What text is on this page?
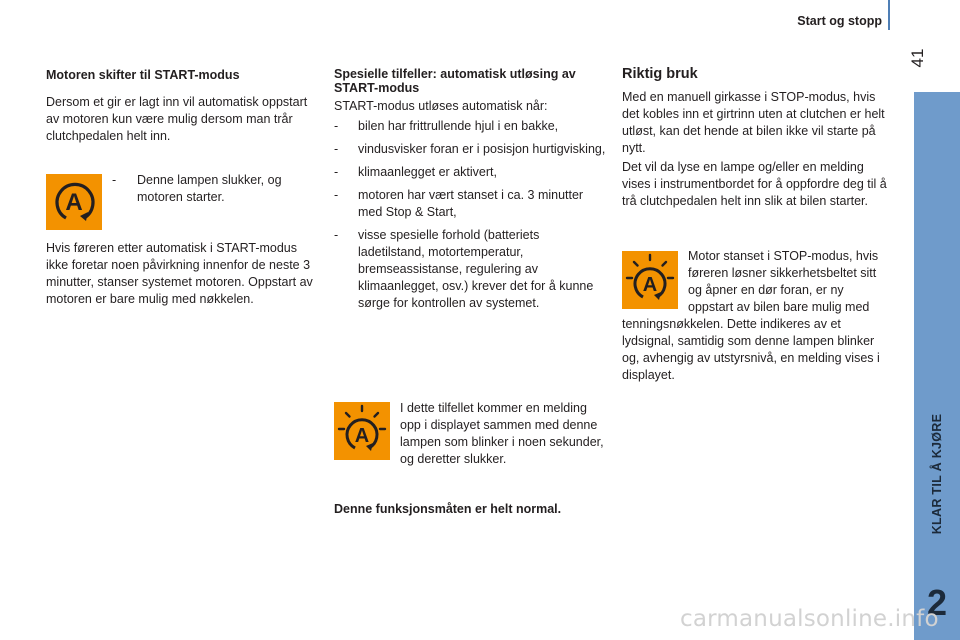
Start og stopp
41
KLAR TIL Å KJØRE
2
Motoren skifter til START-modus
Dersom et gir er lagt inn vil automatisk oppstart av motoren kun være mulig dersom man trår clutchpedalen helt inn.
A
-	Denne lampen slukker, og motoren starter.
Hvis føreren etter automatisk i START-modus ikke foretar noen påvirkning innenfor de neste 3 minutter, stanser systemet motoren. Oppstart av motoren er bare mulig med nøkkelen.
Spesielle tilfeller: automatisk utløsing av START-modus
START-modus utløses automatisk når:
- bilen har frittrullende hjul i en bakke,
- vindusvisker foran er i posisjon hurtigvisking,
- klimaanlegget er aktivert,
- motoren har vært stanset i ca. 3 minutter med Stop & Start,
- visse spesielle forhold (batteriets ladetilstand, motortemperatur, bremseassistanse, regulering av klimaanlegget, osv.) krever det for å kunne sørge for kontrollen av systemet.
A
I dette tilfellet kommer en melding opp i displayet sammen med denne lampen som blinker i noen sekunder, og deretter slukker.
Denne funksjonsmåten er helt normal.
Riktig bruk
Med en manuell girkasse i STOP-modus, hvis det kobles inn et girtrinn uten at clutchen er helt utløst, kan det hende at bilen ikke vil starte på nytt.
Det vil da lyse en lampe og/eller en melding vises i instrumentbordet for å oppfordre deg til å trå clutchpedalen helt inn slik at bilen starter.
A
Motor stanset i STOP-modus, hvis føreren løsner sikkerhetsbeltet sitt og åpner en dør foran, er ny oppstart av bilen bare mulig med tenningsnøkkelen. Dette indikeres av et lydsignal, samtidig som denne lampen blinker og, avhengig av utstyrsnivå, en melding vises i displayet.
carmanualsonline.info
